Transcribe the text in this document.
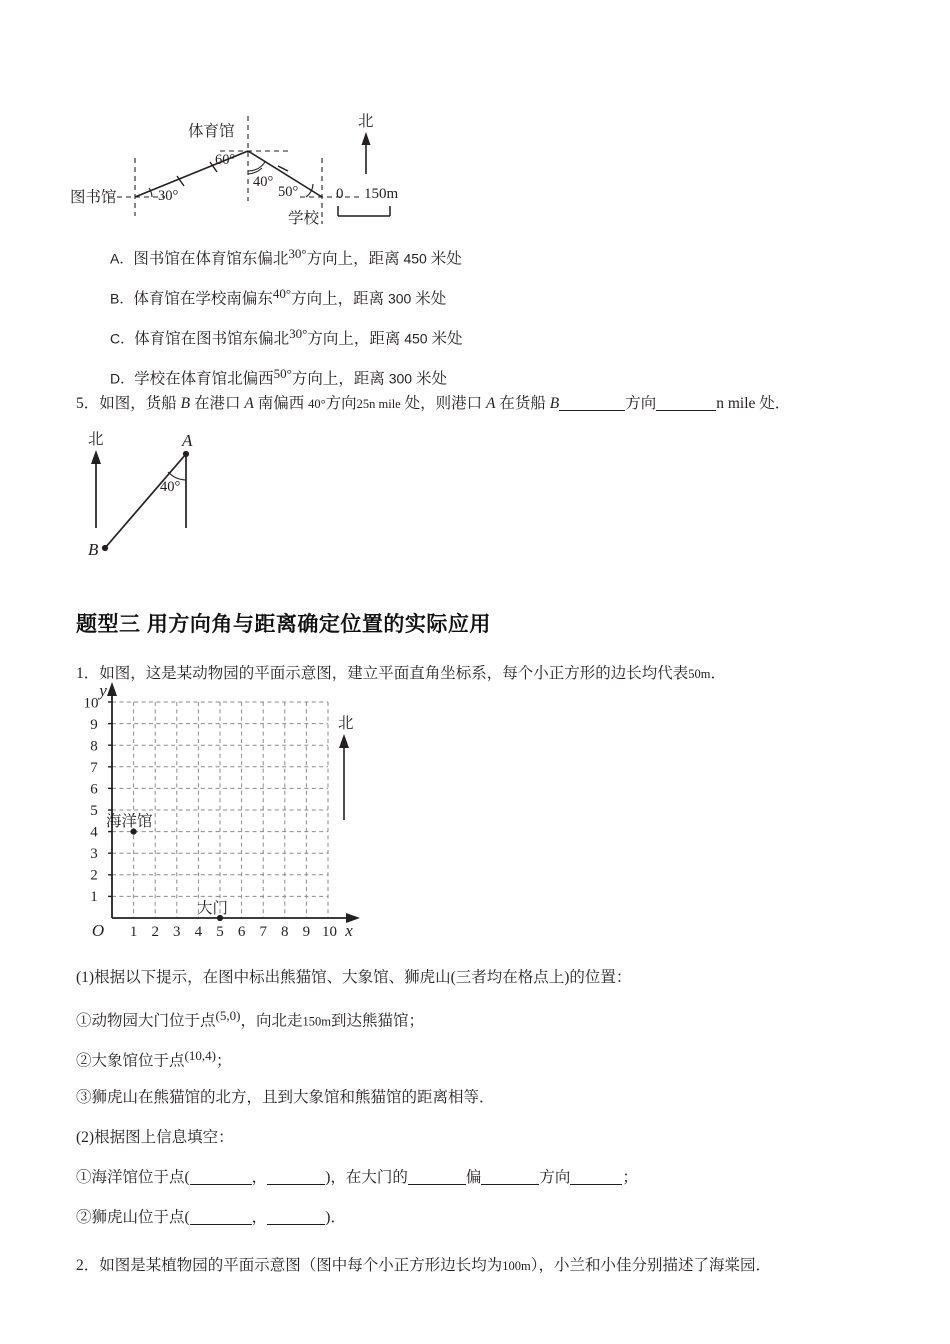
图书馆
体育馆
学校
30°
60°
40°
50°
北
0 150m
A．图书馆在体育馆东偏北$^{30^\circ}$方向上，距离 450 米处
B．体育馆在学校南偏东$^{40^\circ}$方向上，距离 300 米处
C．体育馆在图书馆东偏北$^{30^\circ}$方向上，距离 450 米处
D．学校在体育馆北偏西$^{50^\circ}$方向上，距离 300 米处
5．如图，货船 B 在港口 A 南偏西 40°方向25n mile 处，则港口 A 在货船 B	方向	n mile 处．
北	A
B
40°
题型三 用方向角与距离确定位置的实际应用
1．如图，这是某动物园的平面示意图，建立平面直角坐标系，每个小正方形的边长均代表50m．
1
2
3
4
5
6
7
8
9
10
1 2 3 4 5 6 7 8 9 10
O	x
y
海洋馆
大门
北
(1)根据以下提示，在图中标出熊猫馆、大象馆、狮虎山(三者均在格点上)的位置：
①动物园大门位于点$^{(5,0)}$，向北走150m到达熊猫馆；
②大象馆位于点$^{(10,4)}$；
③狮虎山在熊猫馆的北方，且到大象馆和熊猫馆的距离相等．
(2)根据图上信息填空：
①海洋馆位于点(	，	)，在大门的	偏	方向	；
②狮虎山位于点(	，	)．
2．如图是某植物园的平面示意图（图中每个小正方形边长均为100m），小兰和小佳分别描述了海棠园．
